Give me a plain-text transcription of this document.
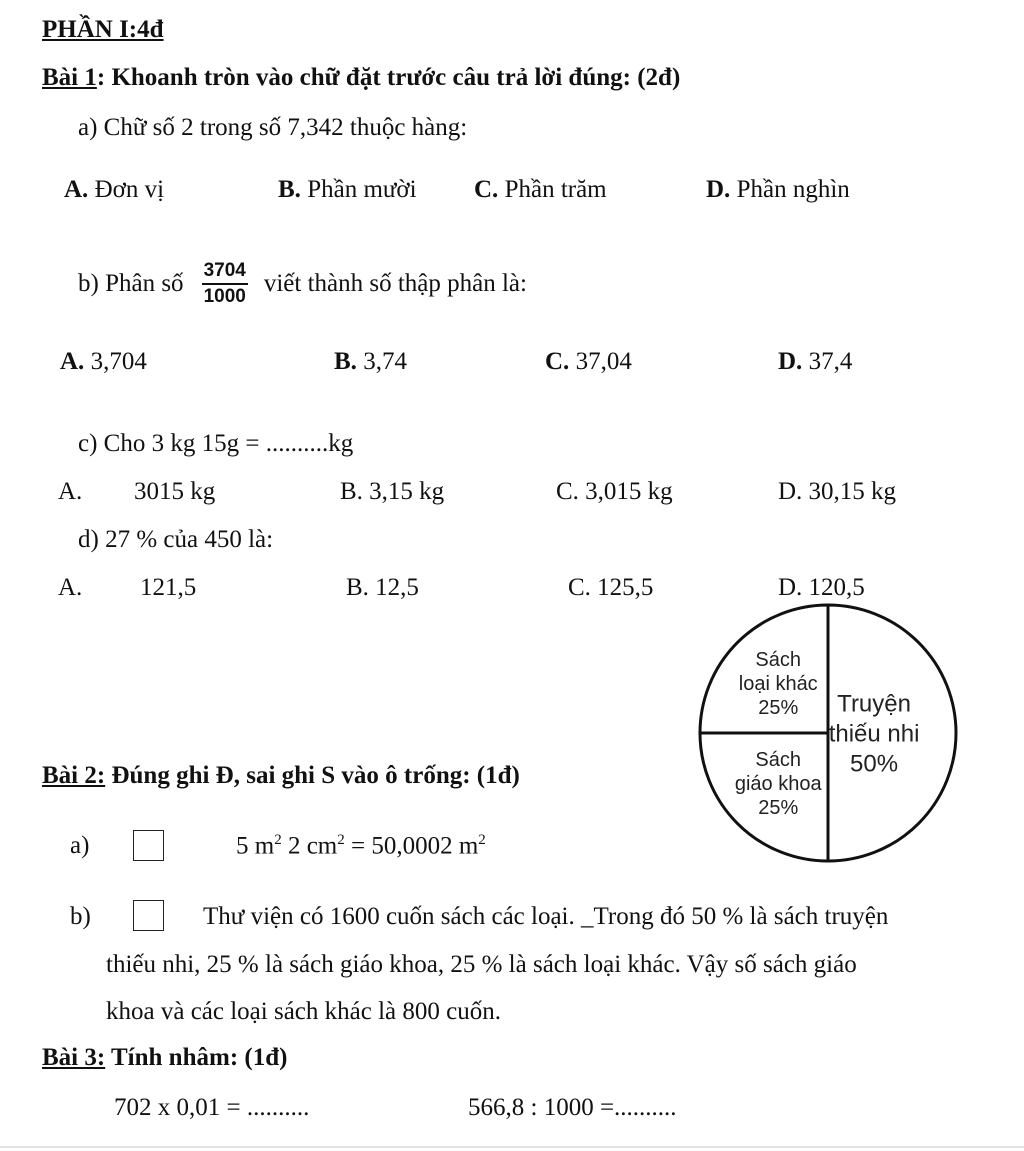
PHẦN I:4đ
Bài 1: Khoanh tròn vào chữ đặt trước câu trả lời đúng: (2đ)
a) Chữ số 2 trong số 7,342 thuộc hàng:
A. Đơn vị	B. Phần mười C. Phần trăm	D. Phần nghìn
b) Phân số $\frac{3704}{1000}$ viết thành số thập phân là:
A. 3,704	B. 3,74	C. 37,04	D. 37,4
c) Cho 3 kg 15g = ..........kg
A. 3015 kg	B. 3,15 kg	C. 3,015 kg	D. 30,15 kg
d) 27 % của 450 là:
A. 121,5	B. 12,5	C. 125,5	D. 120,5
Truyện
thiếu nhi
50%
Sách
giáo khoa
25%
Sách
loại khác
25%
Bài 2: Đúng ghi Đ, sai ghi S vào ô trống: (1đ)
a)	5 $m^2$ 2 $cm^2 = 50,0002$ $m^2$
b)	Thư viện có 1600 cuốn sách các loại. _Trong đó 50 % là sách truyện
thiếu nhi, 25 % là sách giáo khoa, 25 % là sách loại khác. Vậy số sách giáo
khoa và các loại sách khác là 800 cuốn.
Bài 3: Tính nhâm: (1đ)
702 x 0,01 = ..........	566,8 : 1000 =..........
